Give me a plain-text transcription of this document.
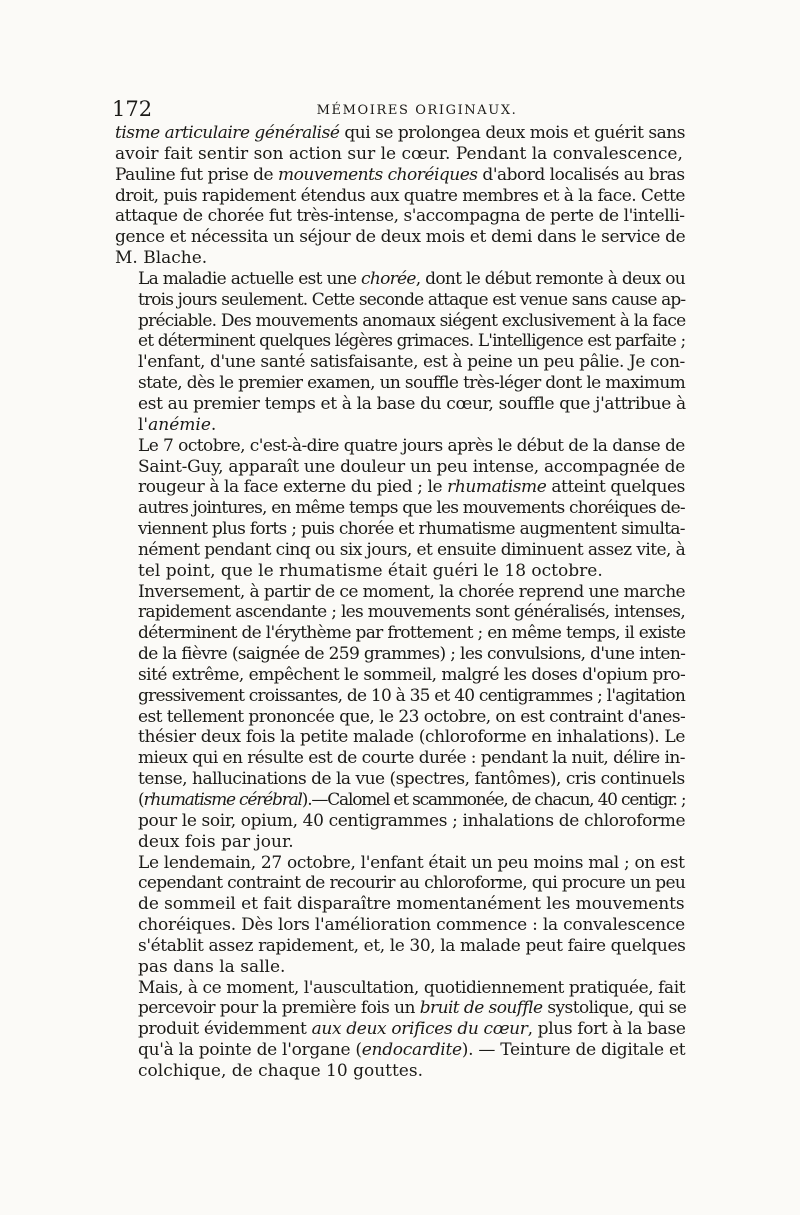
172	MÉMOIRES ORIGINAUX.

tisme articulaire généralisé qui se prolongea deux mois et guérit sans
avoir fait sentir son action sur le cœur. Pendant la convalescence,
Pauline fut prise de mouvements choréiques d'abord localisés au bras
droit, puis rapidement étendus aux quatre membres et à la face. Cette
attaque de chorée fut très-intense, s'accompagna de perte de l'intelli-
gence et nécessita un séjour de deux mois et demi dans le service de
M. Blache.

La maladie actuelle est une chorée, dont le début remonte à deux ou
trois jours seulement. Cette seconde attaque est venue sans cause ap-
préciable. Des mouvements anomaux siégent exclusivement à la face
et déterminent quelques légères grimaces. L'intelligence est parfaite ;
l'enfant, d'une santé satisfaisante, est à peine un peu pâlie. Je con-
state, dès le premier examen, un souffle très-léger dont le maximum
est au premier temps et à la base du cœur, souffle que j'attribue à
l'anémie.

Le 7 octobre, c'est-à-dire quatre jours après le début de la danse de
Saint-Guy, apparaît une douleur un peu intense, accompagnée de
rougeur à la face externe du pied ; le rhumatisme atteint quelques
autres jointures, en même temps que les mouvements choréiques de-
viennent plus forts ; puis chorée et rhumatisme augmentent simulta-
nément pendant cinq ou six jours, et ensuite diminuent assez vite, à
tel point, que le rhumatisme était guéri le 18 octobre.

Inversement, à partir de ce moment, la chorée reprend une marche
rapidement ascendante ; les mouvements sont généralisés, intenses,
déterminent de l'érythème par frottement ; en même temps, il existe
de la fièvre (saignée de 259 grammes) ; les convulsions, d'une inten-
sité extrême, empêchent le sommeil, malgré les doses d'opium pro-
gressivement croissantes, de 10 à 35 et 40 centigrammes ; l'agitation
est tellement prononcée que, le 23 octobre, on est contraint d'anes-
thésier deux fois la petite malade (chloroforme en inhalations). Le
mieux qui en résulte est de courte durée : pendant la nuit, délire in-
tense, hallucinations de la vue (spectres, fantômes), cris continuels
(rhumatisme cérébral).—Calomel et scammonée, de chacun, 40 centigr. ;
pour le soir, opium, 40 centigrammes ; inhalations de chloroforme
deux fois par jour.

Le lendemain, 27 octobre, l'enfant était un peu moins mal ; on est
cependant contraint de recourir au chloroforme, qui procure un peu
de sommeil et fait disparaître momentanément les mouvements
choréiques. Dès lors l'amélioration commence : la convalescence
s'établit assez rapidement, et, le 30, la malade peut faire quelques
pas dans la salle.

Mais, à ce moment, l'auscultation, quotidiennement pratiquée, fait
percevoir pour la première fois un bruit de souffle systolique, qui se
produit évidemment aux deux orifices du cœur, plus fort à la base
qu'à la pointe de l'organe (endocardite). — Teinture de digitale et
colchique, de chaque 10 gouttes.
